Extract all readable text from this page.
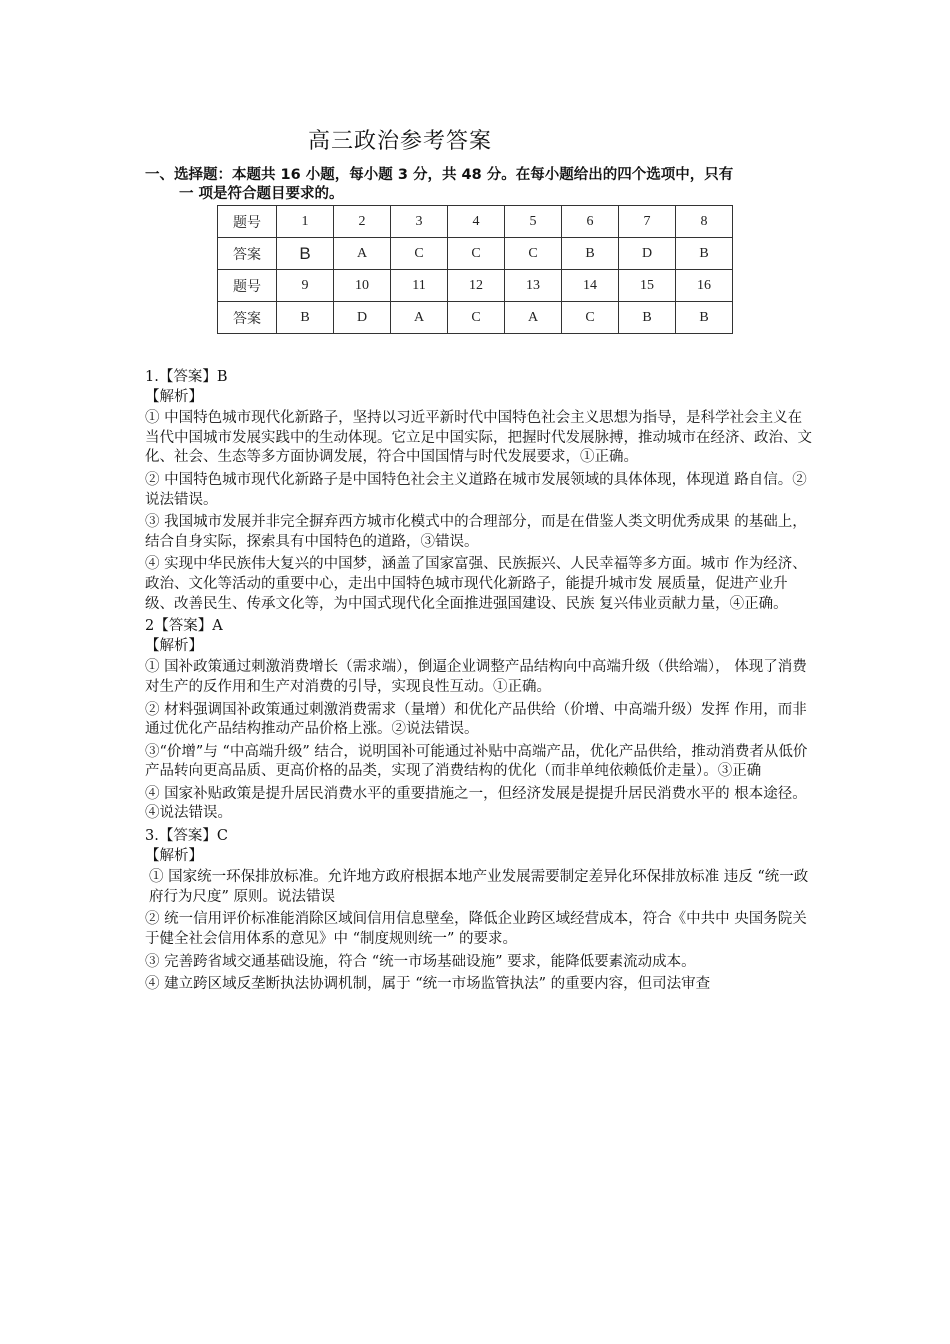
高三政治参考答案
一、选择题：本题共 16 小题，每小题 3 分，共 48 分。在每小题给出的四个选项中，只有
一 项是符合题目要求的。
题号	1	2	3	4	5	6	7	8
答案	B	A	C	C	C	B	D	B
题号	9	10	11	12	13	14	15	16
答案	B	D	A	C	A	C	B	B

1.【答案】B

【解析】

① 中国特色城市现代化新路子，坚持以习近平新时代中国特色社会主义思想为指导，是科学社会主义在当代中国城市发展实践中的生动体现。它立足中国实际，把握时代发展脉搏，推动城市在经济、政治、文化、社会、生态等多方面协调发展，符合中国国情与时代发展要求，①正确。

② 中国特色城市现代化新路子是中国特色社会主义道路在城市发展领域的具体体现，体现道 路自信。②说法错误。

③ 我国城市发展并非完全摒弃西方城市化模式中的合理部分，而是在借鉴人类文明优秀成果 的基础上，结合自身实际，探索具有中国特色的道路，③错误。

④ 实现中华民族伟大复兴的中国梦，涵盖了国家富强、民族振兴、人民幸福等多方面。城市 作为经济、政治、文化等活动的重要中心，走出中国特色城市现代化新路子，能提升城市发 展质量，促进产业升级、改善民生、传承文化等，为中国式现代化全面推进强国建设、民族 复兴伟业贡献力量，④正确。

2【答案】A

【解析】

① 国补政策通过刺激消费增长（需求端），倒逼企业调整产品结构向中高端升级（供给端）， 体现了消费对生产的反作用和生产对消费的引导，实现良性互动。①正确。

② 材料强调国补政策通过刺激消费需求（量增）和优化产品供给（价增、中高端升级）发挥 作用，而非通过优化产品结构推动产品价格上涨。②说法错误。

③“价增”与 “中高端升级” 结合，说明国补可能通过补贴中高端产品，优化产品供给，推动消费者从低价产品转向更高品质、更高价格的品类，实现了消费结构的优化（而非单纯依赖低价走量）。③正确

④ 国家补贴政策是提升居民消费水平的重要措施之一，但经济发展是提提升居民消费水平的 根本途径。④说法错误。

3.【答案】C

【解析】

① 国家统一环保排放标准。允许地方政府根据本地产业发展需要制定差异化环保排放标准 违反 “统一政府行为尺度” 原则。说法错误

② 统一信用评价标准能消除区域间信用信息壁垒，降低企业跨区域经营成本，符合《中共中 央国务院关于健全社会信用体系的意见》中 “制度规则统一” 的要求。

③ 完善跨省域交通基础设施，符合 “统一市场基础设施” 要求，能降低要素流动成本。

④ 建立跨区域反垄断执法协调机制，属于 “统一市场监管执法” 的重要内容，但司法审查
